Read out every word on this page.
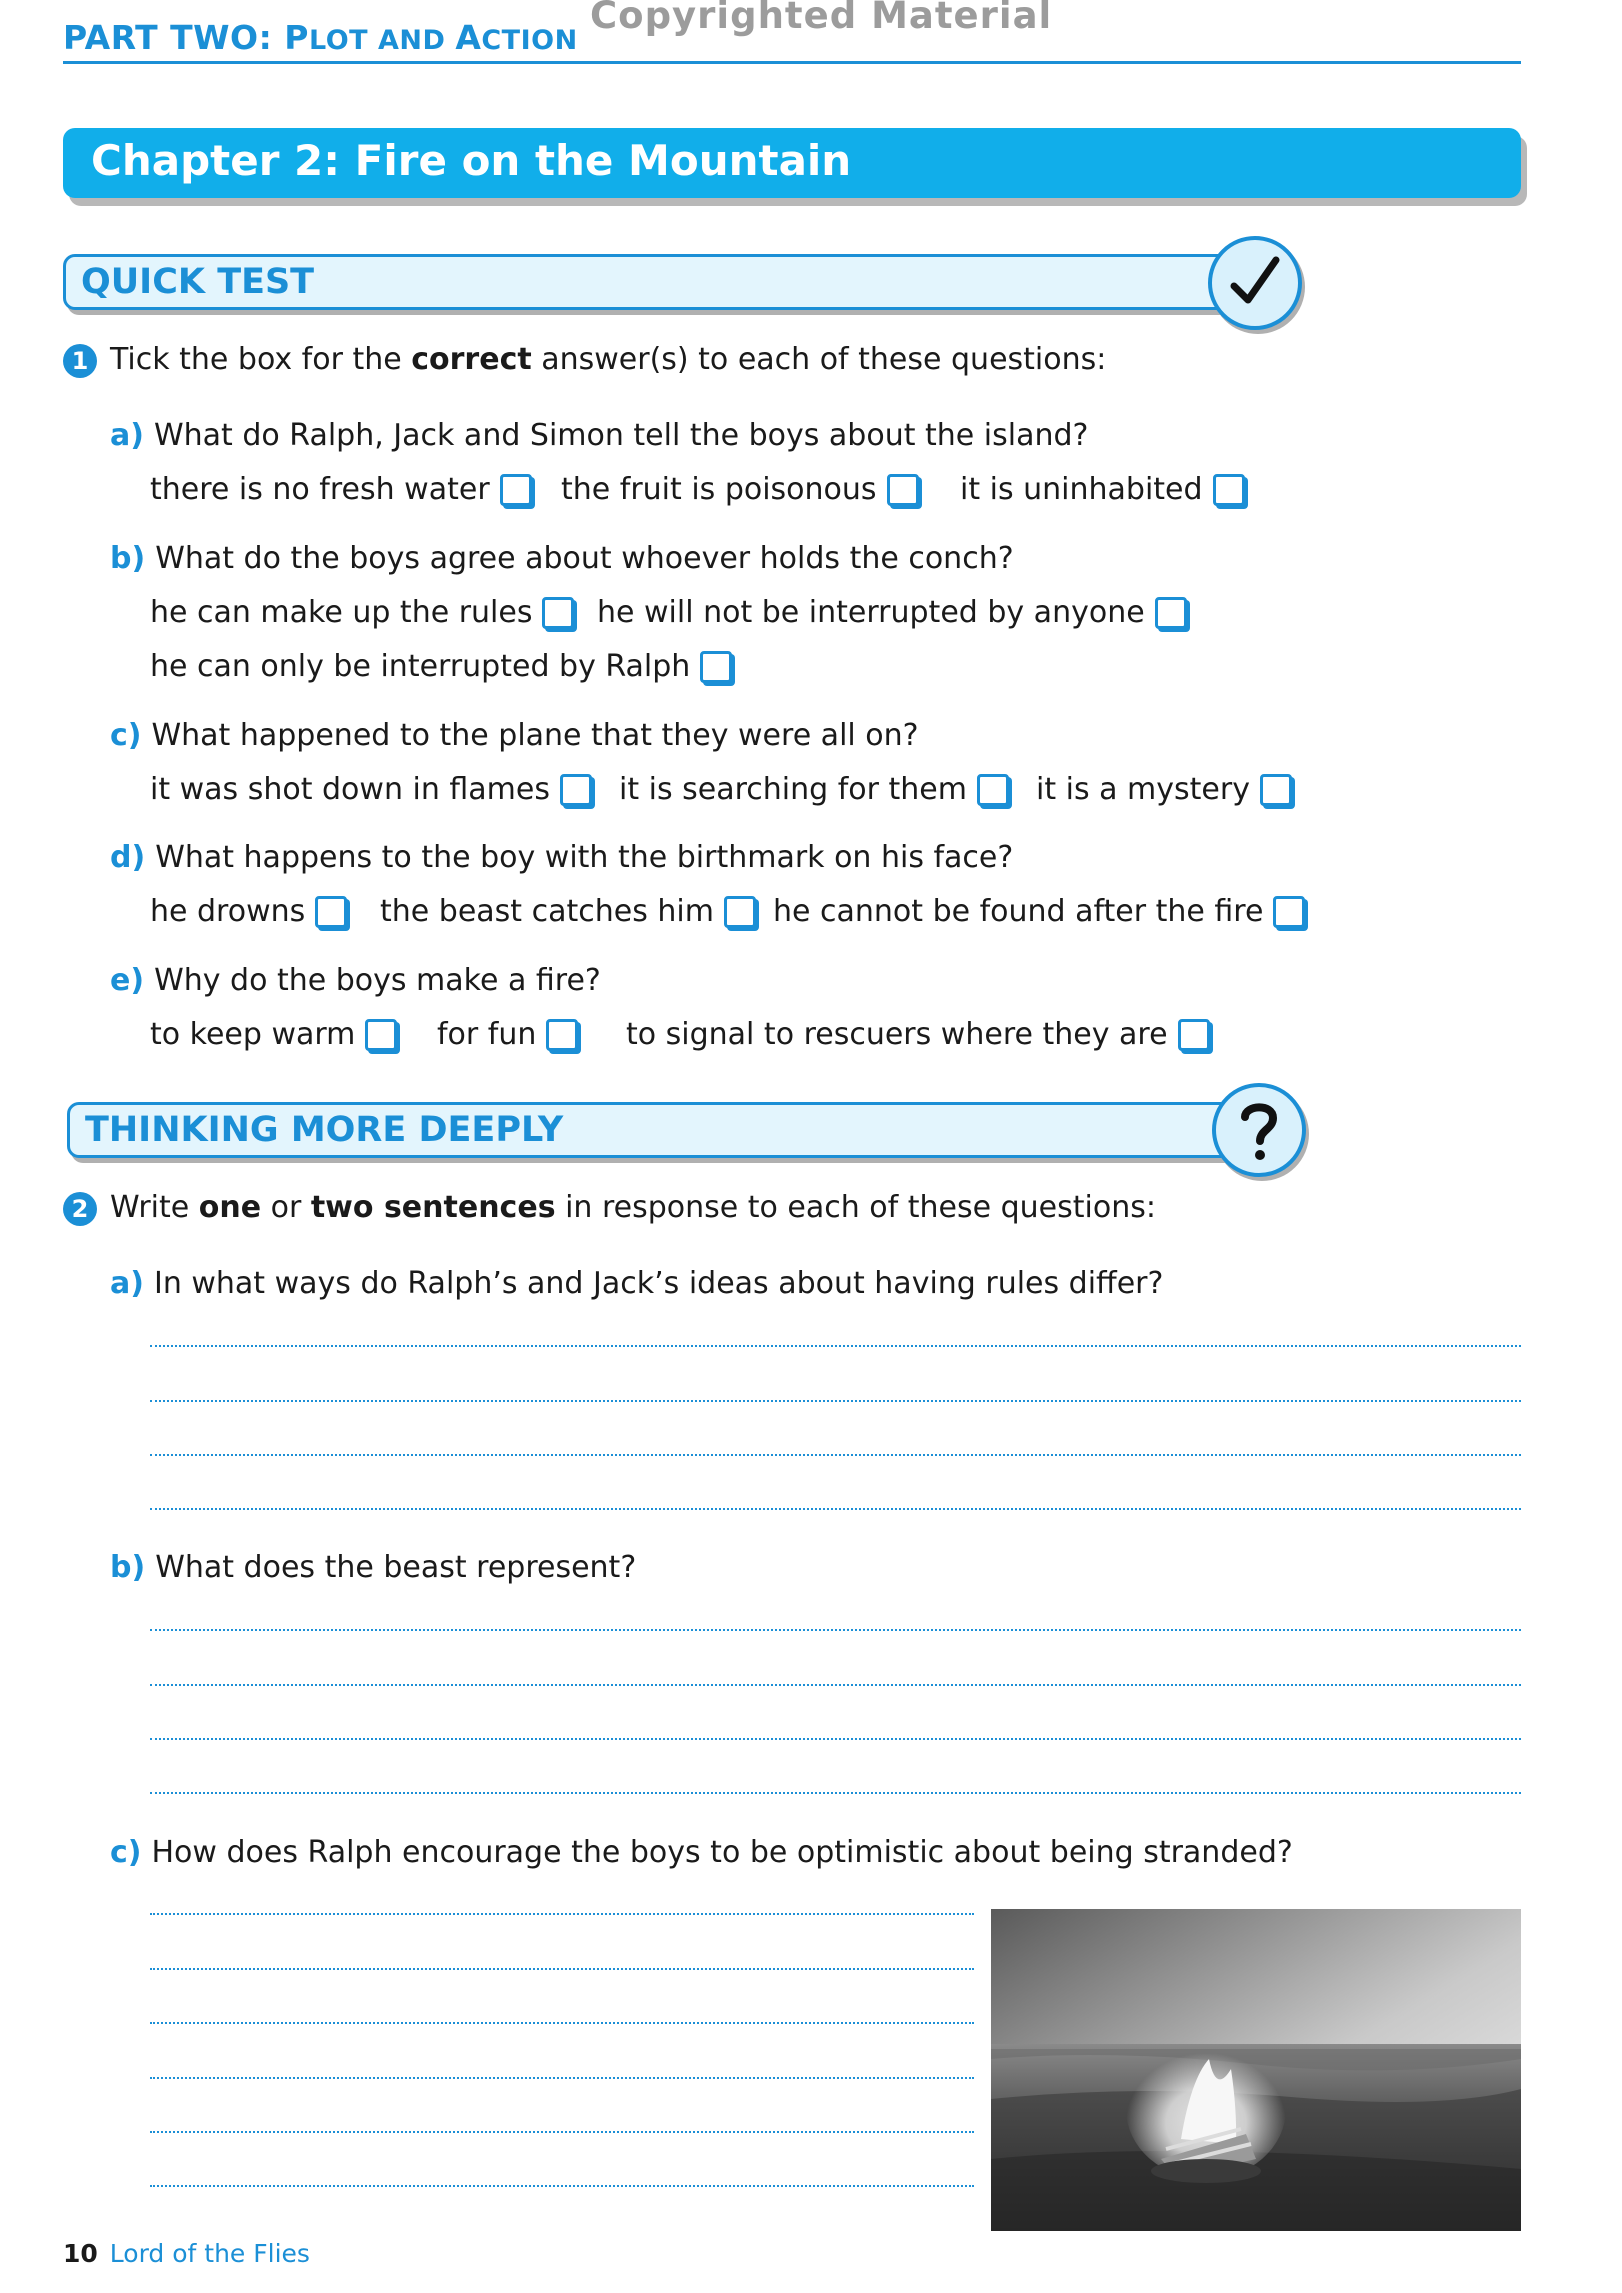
PART TWO: PLOT AND ACTION
Copyrighted Material
Chapter 2: Fire on the Mountain
QUICK TEST
1 Tick the box for the correct answer(s) to each of these questions:
a) What do Ralph, Jack and Simon tell the boys about the island?
there is no fresh water the fruit is poisonous	it is uninhabited
b) What do the boys agree about whoever holds the conch?
he can make up the rules he will not be interrupted by anyone
he can only be interrupted by Ralph
c) What happened to the plane that they were all on?
it was shot down in flames it is searching for them it is a mystery
d) What happens to the boy with the birthmark on his face?
he drowns the beast catches him he cannot be found after the fire
e) Why do the boys make a fire?
to keep warm	for fun	to signal to rescuers where they are
THINKING MORE DEEPLY
2 Write one or two sentences in response to each of these questions:
a) In what ways do Ralph’s and Jack’s ideas about having rules differ?
b) What does the beast represent?
c) How does Ralph encourage the boys to be optimistic about being stranded?
10 Lord of the Flies
